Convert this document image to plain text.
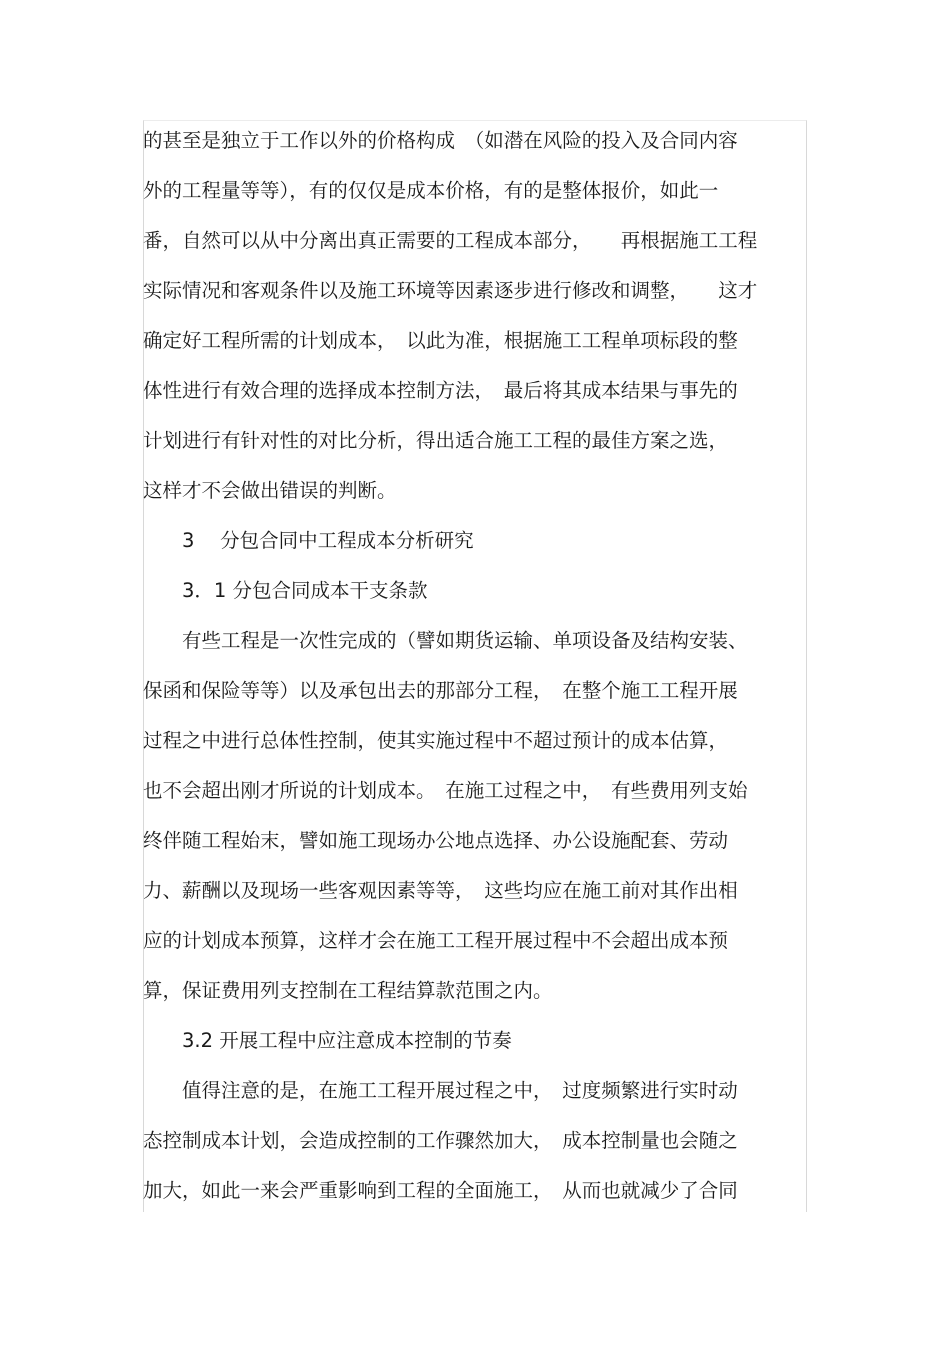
的甚至是独立于工作以外的价格构成　（如潜在风险的投入及合同内容
外的工程量等等），有的仅仅是成本价格，有的是整体报价，如此一
番，自然可以从中分离出真正需要的工程成本部分，　　再根据施工工程
实际情况和客观条件以及施工环境等因素逐步进行修改和调整，　　这才
确定好工程所需的计划成本，　以此为准，根据施工工程单项标段的整
体性进行有效合理的选择成本控制方法，　最后将其成本结果与事先的
计划进行有针对性的对比分析，得出适合施工工程的最佳方案之选，
这样才不会做出错误的判断。
　　3　 分包合同中工程成本分析研究
　　3．1 分包合同成本干支条款
　　有些工程是一次性完成的（譬如期货运输、单项设备及结构安装、
保函和保险等等）以及承包出去的那部分工程，　在整个施工工程开展
过程之中进行总体性控制，使其实施过程中不超过预计的成本估算，
也不会超出刚才所说的计划成本。　在施工过程之中，　有些费用列支始
终伴随工程始末，譬如施工现场办公地点选择、办公设施配套、劳动
力、薪酬以及现场一些客观因素等等，　这些均应在施工前对其作出相
应的计划成本预算，这样才会在施工工程开展过程中不会超出成本预
算，保证费用列支控制在工程结算款范围之内。
　　3.2 开展工程中应注意成本控制的节奏
　　值得注意的是，在施工工程开展过程之中，　过度频繁进行实时动
态控制成本计划，会造成控制的工作骤然加大，　成本控制量也会随之
加大，如此一来会严重影响到工程的全面施工，　从而也就减少了合同
